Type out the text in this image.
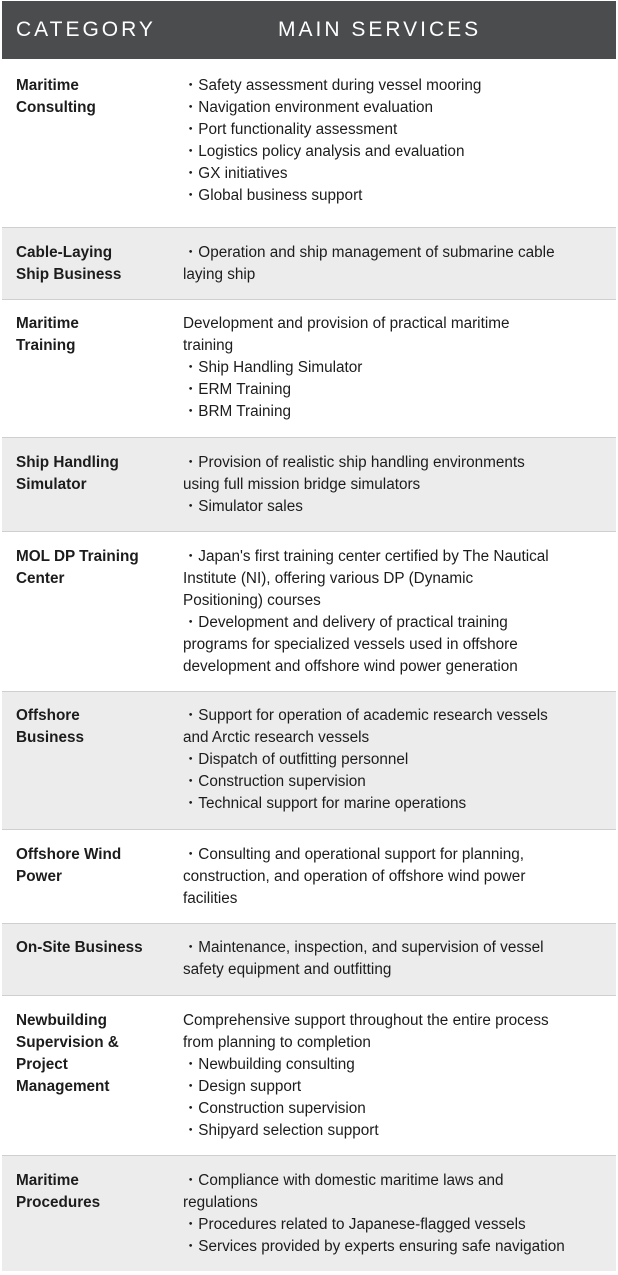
CATEGORY	MAIN SERVICES
Maritime
Consulting
・Safety assessment during vessel mooring
・Navigation environment evaluation
・Port functionality assessment
・Logistics policy analysis and evaluation
・GX initiatives
・Global business support
Cable-Laying
Ship Business
・Operation and ship management of submarine cable
laying ship
Maritime
Training
Development and provision of practical maritime
training
・Ship Handling Simulator
・ERM Training
・BRM Training
Ship Handling
Simulator
・Provision of realistic ship handling environments
using full mission bridge simulators
・Simulator sales
MOL DP Training
Center
・Japan's first training center certified by The Nautical
Institute (NI), offering various DP (Dynamic
Positioning) courses
・Development and delivery of practical training
programs for specialized vessels used in offshore
development and offshore wind power generation
Offshore
Business
・Support for operation of academic research vessels
and Arctic research vessels
・Dispatch of outfitting personnel
・Construction supervision
・Technical support for marine operations
Offshore Wind
Power
・Consulting and operational support for planning,
construction, and operation of offshore wind power
facilities
On-Site Business	・Maintenance, inspection, and supervision of vessel
safety equipment and outfitting
Newbuilding
Supervision &
Project
Management
Comprehensive support throughout the entire process
from planning to completion
・Newbuilding consulting
・Design support
・Construction supervision
・Shipyard selection support
Maritime
Procedures
・Compliance with domestic maritime laws and
regulations
・Procedures related to Japanese-flagged vessels
・Services provided by experts ensuring safe navigation
